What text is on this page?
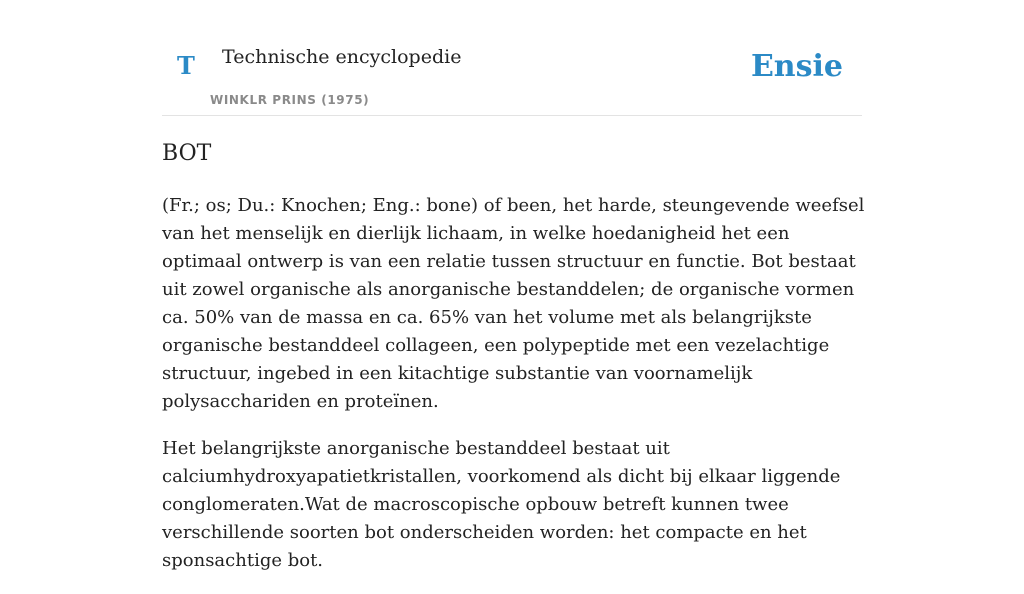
T Technische encyclopedie
WINKLR PRINS (1975)
Ensie
BOT

(Fr.; os; Du.: Knochen; Eng.: bone) of been, het harde, steungevende weefsel van het menselijk en dierlijk lichaam, in welke hoedanigheid het een optimaal ontwerp is van een relatie tussen structuur en functie. Bot bestaat uit zowel organische als anorganische bestanddelen; de organische vormen ca. 50% van de massa en ca. 65% van het volume met als belangrijkste organische bestanddeel collageen, een polypeptide met een vezelachtige structuur, ingebed in een kitachtige substantie van voornamelijk polysacchariden en proteïnen.

Het belangrijkste anorganische bestanddeel bestaat uit calciumhydroxyapatietkristallen, voorkomend als dicht bij elkaar liggende conglomeraten.Wat de macroscopische opbouw betreft kunnen twee verschillende soorten bot onderscheiden worden: het compacte en het sponsachtige bot.
